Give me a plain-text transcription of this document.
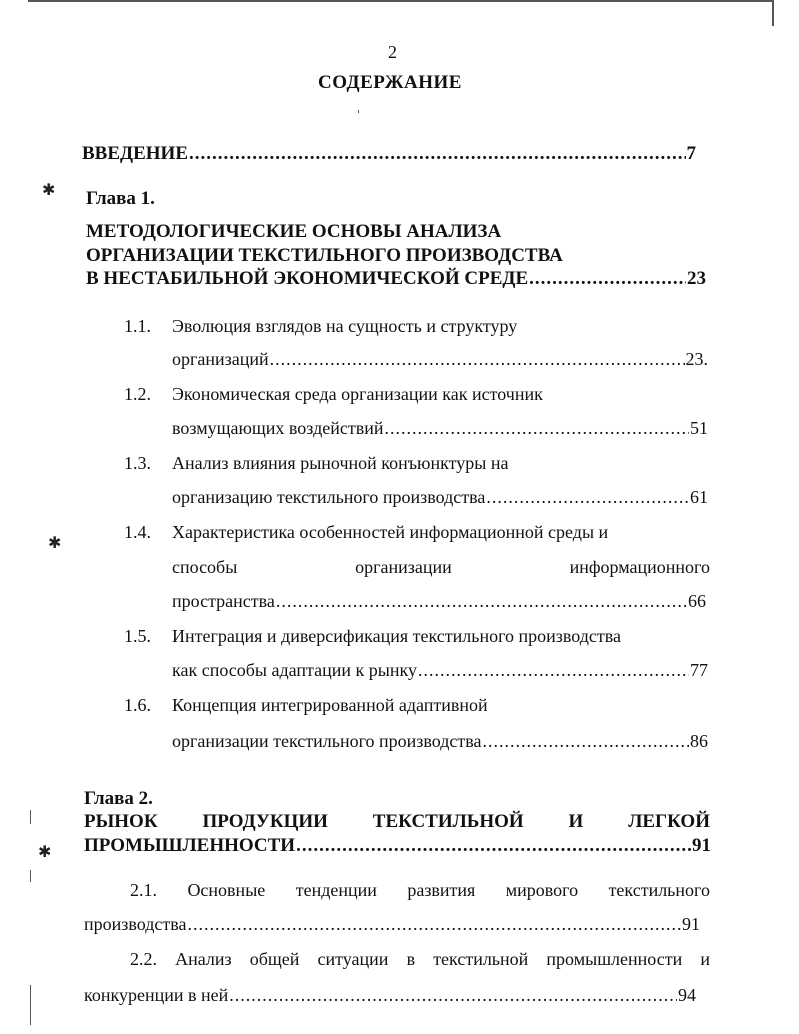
2
СОДЕРЖАНИЕ
ВВЕДЕНИЕ .....	7
Глава 1.
МЕТОДОЛОГИЧЕСКИЕ ОСНОВЫ АНАЛИЗА
ОРГАНИЗАЦИИ ТЕКСТИЛЬНОГО ПРОИЗВОДСТВА
В НЕСТАБИЛЬНОЙ ЭКОНОМИЧЕСКОЙ СРЕДЕ .....	23
1.1. Эволюция взглядов на сущность и структуру
организаций .....	23.
1.2. Экономическая среда организации как источник
возмущающих воздействий .....	51
1.3. Анализ влияния рыночной конъюнктуры на
организацию текстильного производства .....	61
1.4. Характеристика особенностей информационной среды и
способы	организации	информационного
пространства .....	66
1.5. Интеграция и диверсификация текстильного производства
как способы адаптации к рынку .....	77
1.6. Концепция интегрированной адаптивной
организации текстильного производства .....	86
Глава 2.
РЫНОК ПРОДУКЦИИ ТЕКСТИЛЬНОЙ И ЛЕГКОЙ
ПРОМЫШЛЕННОСТИ .....	91
2.1. Основные тенденции развития мирового текстильного
производства .....	91
2.2. Анализ общей ситуации в текстильной промышленности и
конкуренции в ней .....	94
✱
✱
✱
